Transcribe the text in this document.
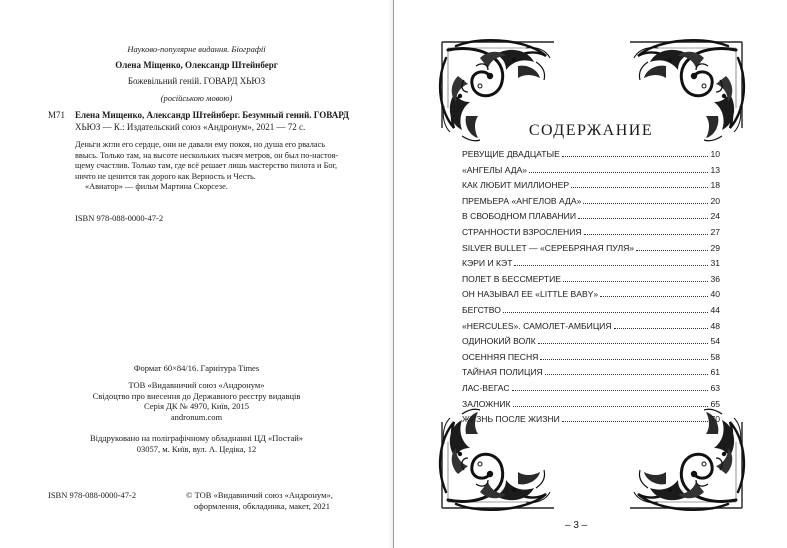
Науково-популярне видання. Біографії
Олена Міщенко, Олександр Штейнберг
Божевільний геній. ГОВАРД ХЬЮЗ
(російською мовою)
М71 Елена Мищенко, Александр Штейнберг. Безумный гений. ГОВАРД
ХЬЮЗ — К.: Издательский союз «Андронум», 2021 — 72 с.
Деньги жгли его сердце, они не давали ему покоя, но душа его рвалась
ввысь. Только там, на высоте нескольких тысяч метров, он был по-настоя-
щему счастлив. Только там, где всё решает лишь мастерство пилота и Бог,
ничто не ценится так дорого как Верность и Честь.
«Авиатор» — фильм Мартина Скорсезе.
ISBN 978-088-0000-47-2
Формат 60×84/16. Гарнітура Times
ТОВ «Видавничий союз «Андронум»
Свідоцтво про внесення до Державного реєстру видавців
Серія ДК № 4970, Київ, 2015
andronum.com
Віддруковано на поліграфічному обладнанні ЦД «Постай»
03057, м. Київ, вул. А. Цедіка, 12
ISBN 978-088-0000-47-2	© ТОВ «Видавничий союз «Андронум»,
оформлення, обкладинка, макет, 2021
СОДЕРЖАНИЕ
РЕВУЩИЕ ДВАДЦАТЫЕ	10
«АНГЕЛЫ АДА»	13
КАК ЛЮБИТ МИЛЛИОНЕР	18
ПРЕМЬЕРА «АНГЕЛОВ АДА»	20
В СВОБОДНОМ ПЛАВАНИИ	24
СТРАННОСТИ ВЗРОСЛЕНИЯ	27
SILVER BULLET — «СЕРЕБРЯНАЯ ПУЛЯ»	29
КЭРИ И КЭТ	31
ПОЛЕТ В БЕССМЕРТИЕ	36
ОН НАЗЫВАЛ ЕЕ «LITTLE BABY»	40
БЕГСТВО	44
«HERCULES». САМОЛЕТ-АМБИЦИЯ	48
ОДИНОКИЙ ВОЛК	54
ОСЕННЯЯ ПЕСНЯ	58
ТАЙНАЯ ПОЛИЦИЯ	61
ЛАС-ВЕГАС	63
ЗАЛОЖНИК	65
ЖИЗНЬ ПОСЛЕ ЖИЗНИ	70
– 3 –
